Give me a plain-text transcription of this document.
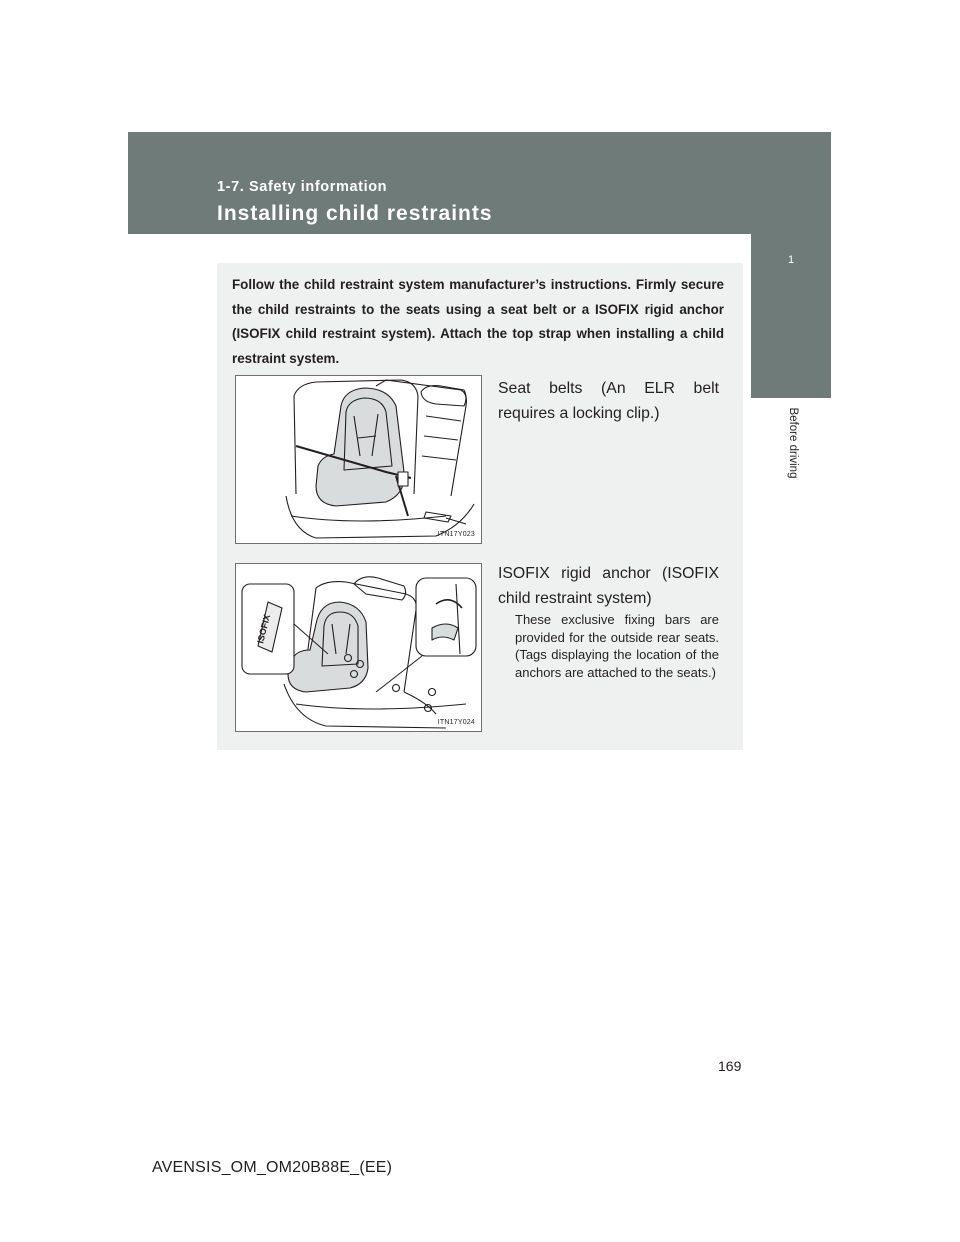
1-7. Safety information
Installing child restraints
1
Before driving
Follow the child restraint system manufacturer’s instructions. Firmly secure the child restraints to the seats using a seat belt or a ISOFIX rigid anchor (ISOFIX child restraint system). Attach the top strap when installing a child restraint system.
ITN17Y023
Seat belts (An ELR belt requires a locking clip.)
ISOFIX
ITN17Y024
ISOFIX rigid anchor (ISOFIX child restraint system)
These exclusive fixing bars are provided for the outside rear seats. (Tags displaying the location of the anchors are attached to the seats.)
169
AVENSIS_OM_OM20B88E_(EE)
